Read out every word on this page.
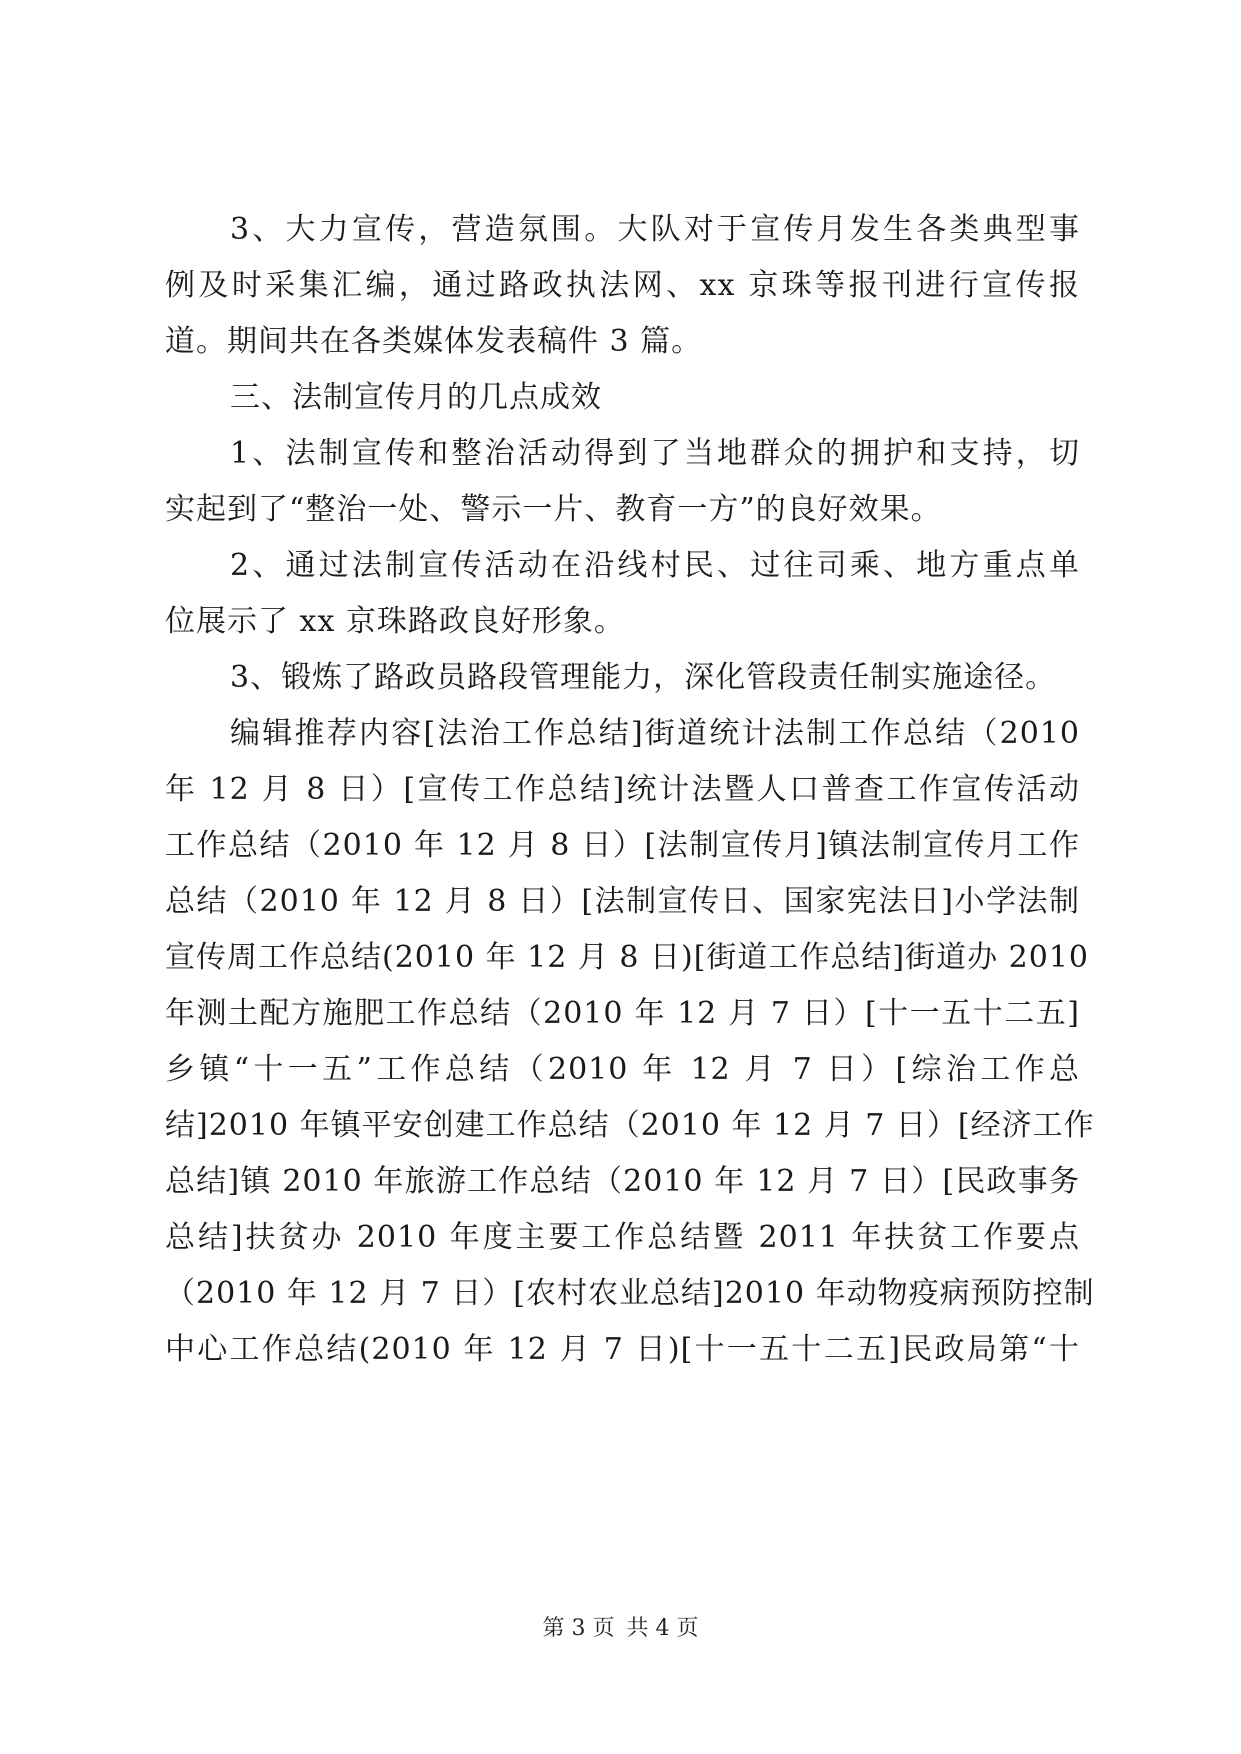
3、大力宣传，营造氛围。大队对于宣传月发生各类典型事
例及时采集汇编，通过路政执法网、xx 京珠等报刊进行宣传报
道。期间共在各类媒体发表稿件 3 篇。
三、法制宣传月的几点成效
1、法制宣传和整治活动得到了当地群众的拥护和支持，切
实起到了“整治一处、警示一片、教育一方”的良好效果。
2、通过法制宣传活动在沿线村民、过往司乘、地方重点单
位展示了 xx 京珠路政良好形象。
3、锻炼了路政员路段管理能力，深化管段责任制实施途径。
编辑推荐内容[法治工作总结]街道统计法制工作总结（2010
年 12 月 8 日）[宣传工作总结]统计法暨人口普查工作宣传活动
工作总结（2010 年 12 月 8 日）[法制宣传月]镇法制宣传月工作
总结（2010 年 12 月 8 日）[法制宣传日、国家宪法日]小学法制
宣传周工作总结(2010 年 12 月 8 日)[街道工作总结]街道办 2010
年测土配方施肥工作总结（2010 年 12 月 7 日）[十一五十二五]
乡镇“十一五”工作总结（2010 年 12 月 7 日）[综治工作总
结]2010 年镇平安创建工作总结（2010 年 12 月 7 日）[经济工作
总结]镇 2010 年旅游工作总结（2010 年 12 月 7 日）[民政事务
总结]扶贫办 2010 年度主要工作总结暨 2011 年扶贫工作要点
（2010 年 12 月 7 日）[农村农业总结]2010 年动物疫病预防控制
中心工作总结(2010 年 12 月 7 日)[十一五十二五]民政局第“十
第 3 页 共 4 页
